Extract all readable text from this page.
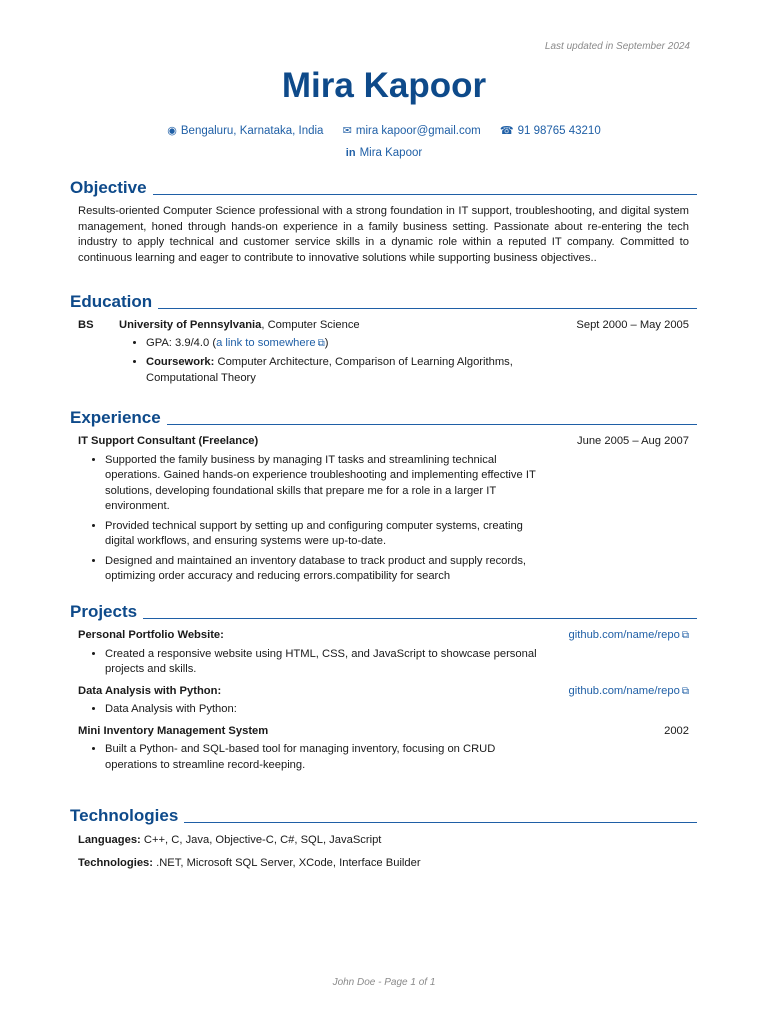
Last updated in September 2024
Mira Kapoor
◉ Bengaluru, Karnataka, India ✉ mira kapoor@gmail.com ☎ 91 98765 43210
in Mira Kapoor
Objective
Results-oriented Computer Science professional with a strong foundation in IT support, troubleshooting, and digital system management, honed through hands-on experience in a family business setting. Passionate about re-entering the tech industry to apply technical and customer service skills in a dynamic role within a reputed IT company. Committed to continuous learning and eager to contribute to innovative solutions while supporting business objectives..
Education
BS	Sept 2000 – May 2005
University of Pennsylvania, Computer Science
• GPA: 3.9/4.0 (a link to somewhere ⧉)
• Coursework: Computer Architecture, Comparison of Learning Algorithms, Computational Theory
Experience
IT Support Consultant (Freelance)	June 2005 – Aug 2007
• Supported the family business by managing IT tasks and streamlining technical operations. Gained hands-on experience troubleshooting and implementing effective IT solutions, developing foundational skills that prepare me for a role in a larger IT environment.
• Provided technical support by setting up and configuring computer systems, creating digital workflows, and ensuring systems were up-to-date.
• Designed and maintained an inventory database to track product and supply records, optimizing order accuracy and reducing errors.compatibility for search
Projects
Personal Portfolio Website:	github.com/name/repo ⧉
• Created a responsive website using HTML, CSS, and JavaScript to showcase personal projects and skills.
Data Analysis with Python:	github.com/name/repo ⧉
• Data Analysis with Python:
Mini Inventory Management System	2002
• Built a Python- and SQL-based tool for managing inventory, focusing on CRUD operations to streamline record-keeping.
Technologies
Languages: C++, C, Java, Objective-C, C#, SQL, JavaScript
Technologies: .NET, Microsoft SQL Server, XCode, Interface Builder
John Doe - Page 1 of 1
